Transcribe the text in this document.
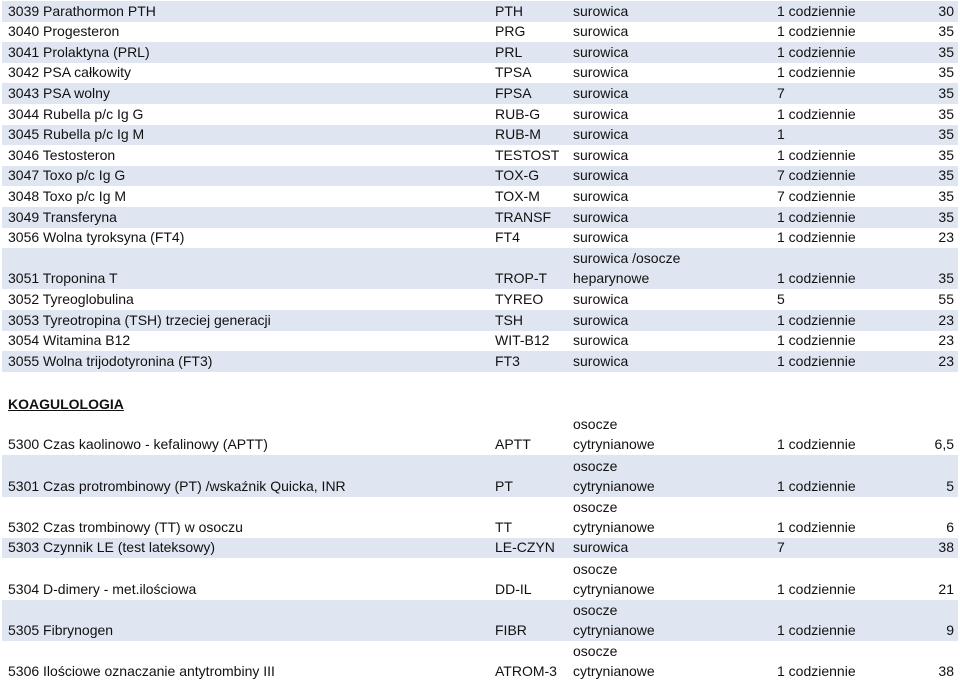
KOAGULOLOGIA
3039 Parathormon PTH	PTH	surowica	1 codziennie	30
3040 Progesteron	PRG	surowica	1 codziennie	35
3041 Prolaktyna (PRL)	PRL	surowica	1 codziennie	35
3042 PSA całkowity	TPSA	surowica	1 codziennie	35
3043 PSA wolny	FPSA	surowica	7	35
3044 Rubella p/c Ig G	RUB-G surowica	1 codziennie	35
3045 Rubella p/c Ig M	RUB-M surowica	1	35
3046 Testosteron	TESTOST surowica	1 codziennie	35
3047 Toxo p/c Ig G	TOX-G surowica	7 codziennie	35
3048 Toxo p/c Ig M	TOX-M surowica	7 codziennie	35
3049 Transferyna	TRANSF surowica	1 codziennie	35
3056 Wolna tyroksyna (FT4)	FT4	surowica	1 codziennie	23
3051 Troponina T	TROP-T
surowica /osocze
heparynowe	1 codziennie	35
3052 Tyreoglobulina	TYREO surowica	5	55
3053 Tyreotropina (TSH) trzeciej generacji	TSH	surowica	1 codziennie	23
3054 Witamina B12	WIT-B12 surowica	1 codziennie	23
3055 Wolna trijodotyronina (FT3)	FT3	surowica	1 codziennie	23
5300 Czas kaolinowo - kefalinowy (APTT)	APTT
osocze
cytrynianowe	1 codziennie	6,5
5301 Czas protrombinowy (PT) /wskaźnik Quicka, INR	PT
osocze
cytrynianowe	1 codziennie	5
5302 Czas trombinowy (TT) w osoczu	TT
osocze
cytrynianowe	1 codziennie	6
5303 Czynnik LE (test lateksowy)	LE-CZYN surowica	7	38
5304 D-dimery - met.ilościowa	DD-IL
osocze
cytrynianowe	1 codziennie	21
5305 Fibrynogen	FIBR
osocze
cytrynianowe	1 codziennie	9
5306 Ilościowe oznaczanie antytrombiny III	ATROM-3
osocze
cytrynianowe	1 codziennie	38
